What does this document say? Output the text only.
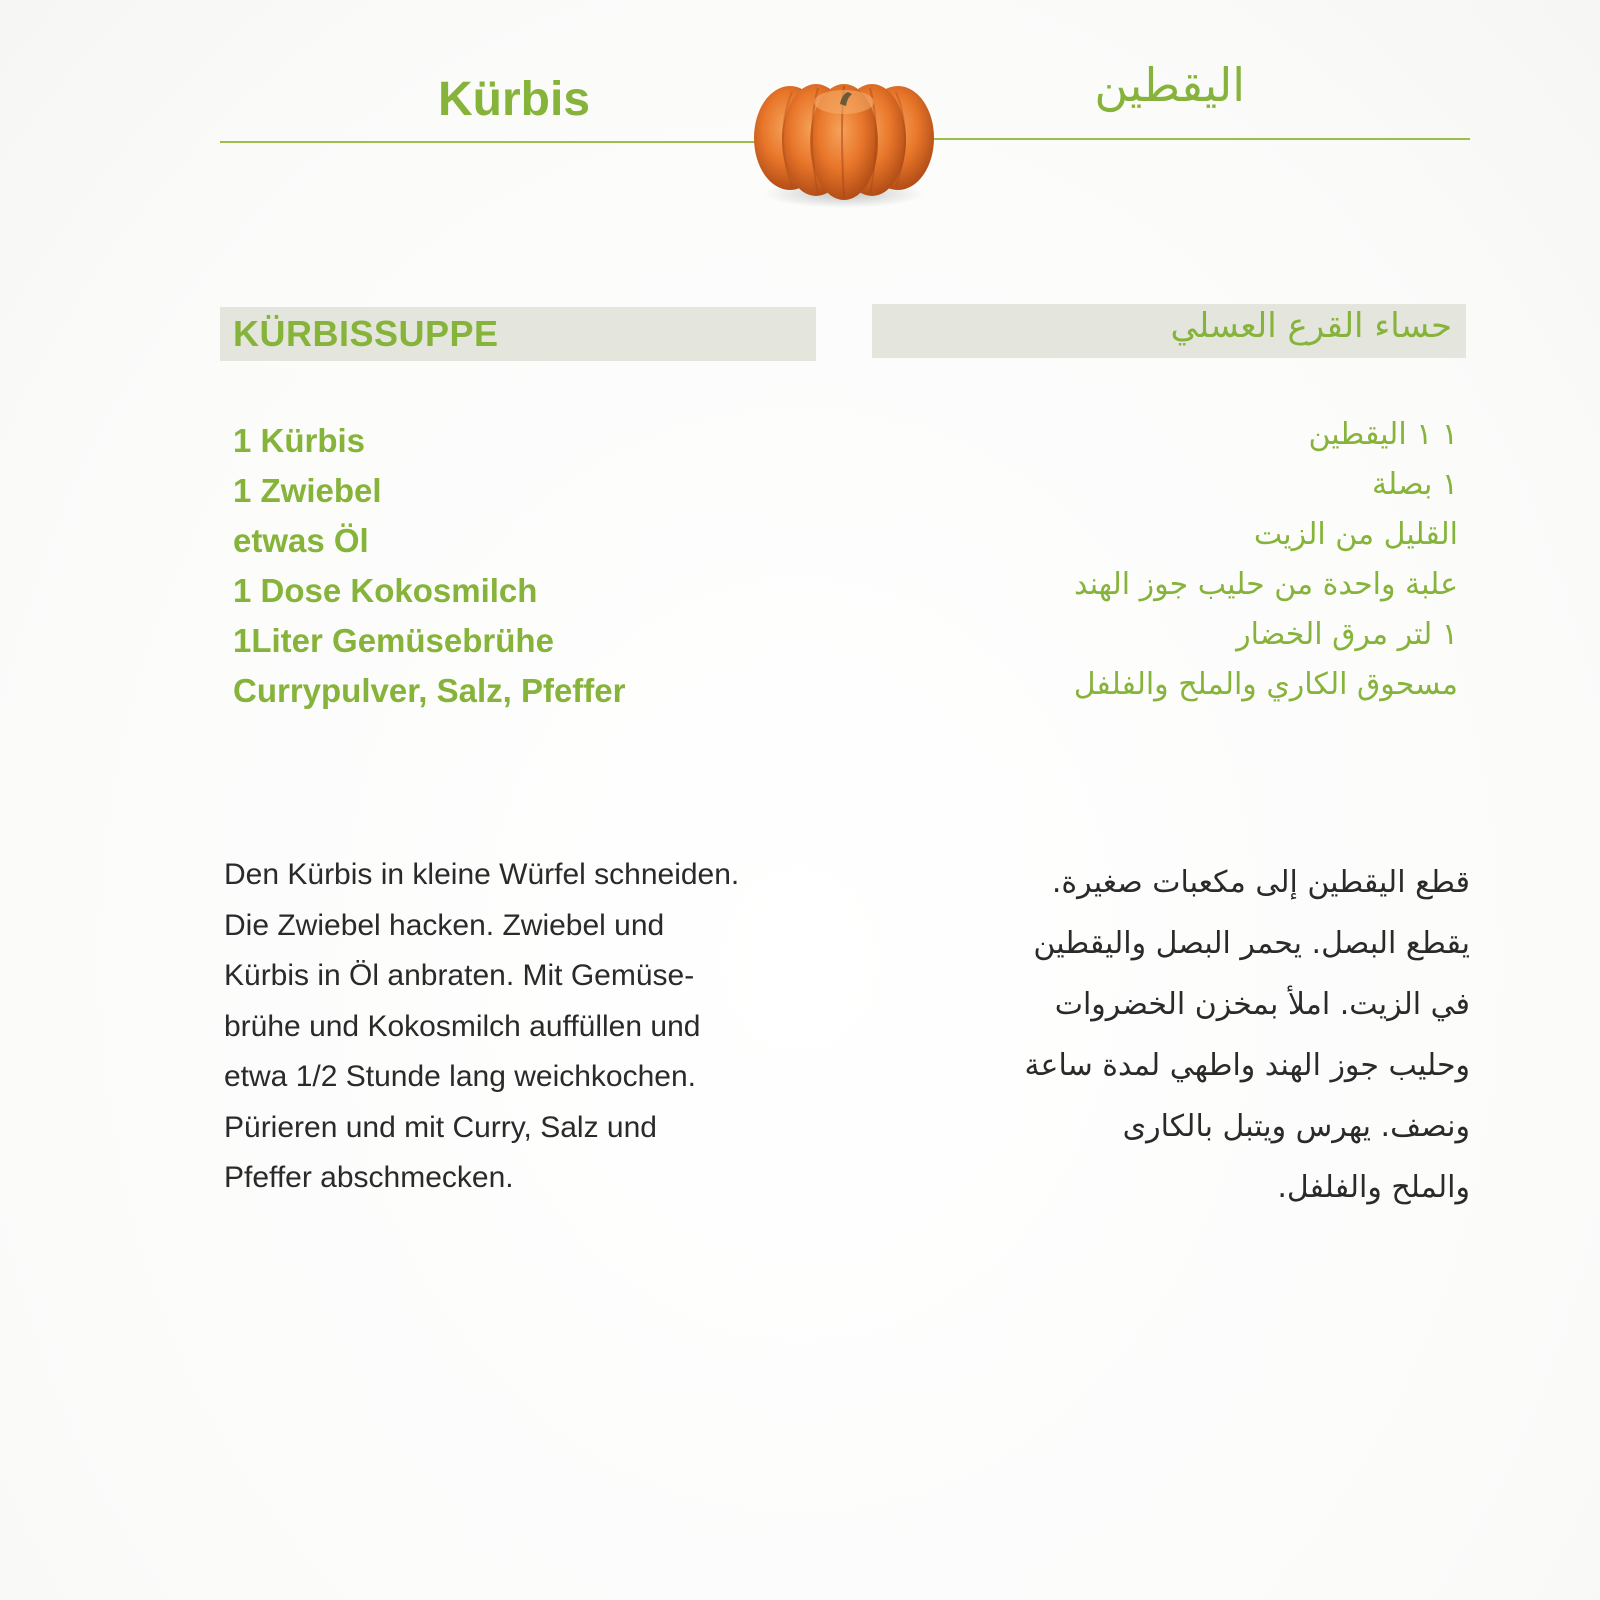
Kürbis	اليقطين
KÜRBISSUPPE	حساء القرع العسلي
1 Kürbis
1 Zwiebel
etwas Öl
1 Dose Kokosmilch
1Liter Gemüsebrühe
Currypulver, Salz, Pfeffer
١ ١ اليقطين
١ بصلة
القليل من الزيت
علبة واحدة من حليب جوز الهند
١ لتر مرق الخضار
مسحوق الكاري والملح والفلفل

Den Kürbis in kleine Würfel schneiden.
Die Zwiebel hacken. Zwiebel und
Kürbis in Öl anbraten. Mit Gemüse-
brühe und Kokosmilch auffüllen und
etwa 1/2 Stunde lang weichkochen.
Pürieren und mit Curry, Salz und
Pfeffer abschmecken.

قطع اليقطين إلى مكعبات صغيرة.
يقطع البصل. يحمر البصل واليقطين
في الزيت. املأ بمخزن الخضروات
وحليب جوز الهند واطهي لمدة ساعة
ونصف. يهرس ويتبل بالكارى
والملح والفلفل.
